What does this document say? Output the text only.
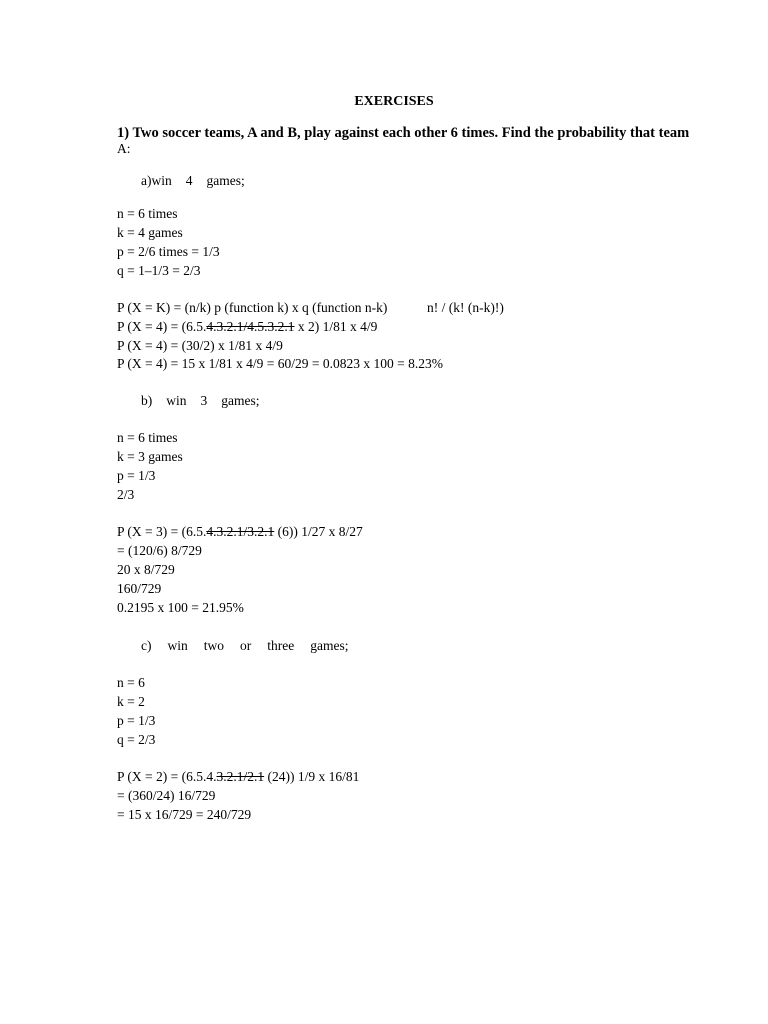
EXERCISES
1) Two soccer teams, A and B, play against each other 6 times. Find the probability that team
A:
a)win 4 games;
n = 6 times
k = 4 games
p = 2/6 times = 1/3
q = 1–1/3 = 2/3
P (X = K) = (n/k) p (function k) x q (function n-k)	n! / (k! (n-k)!)
P (X = 4) = (6.5.4.3.2.1/4.5.3.2.1 x 2) 1/81 x 4/9
P (X = 4) = (30/2) x 1/81 x 4/9
P (X = 4) = 15 x 1/81 x 4/9 = 60/29 = 0.0823 x 100 = 8.23%
b) win 3 games;
n = 6 times
k = 3 games
p = 1/3
2/3
P (X = 3) = (6.5.4.3.2.1/3.2.1 (6)) 1/27 x 8/27
= (120/6) 8/729
20 x 8/729
160/729
0.2195 x 100 = 21.95%
c) win two or three games;
n = 6
k = 2
p = 1/3
q = 2/3
P (X = 2) = (6.5.4.3.2.1/2.1 (24)) 1/9 x 16/81
= (360/24) 16/729
= 15 x 16/729 = 240/729
